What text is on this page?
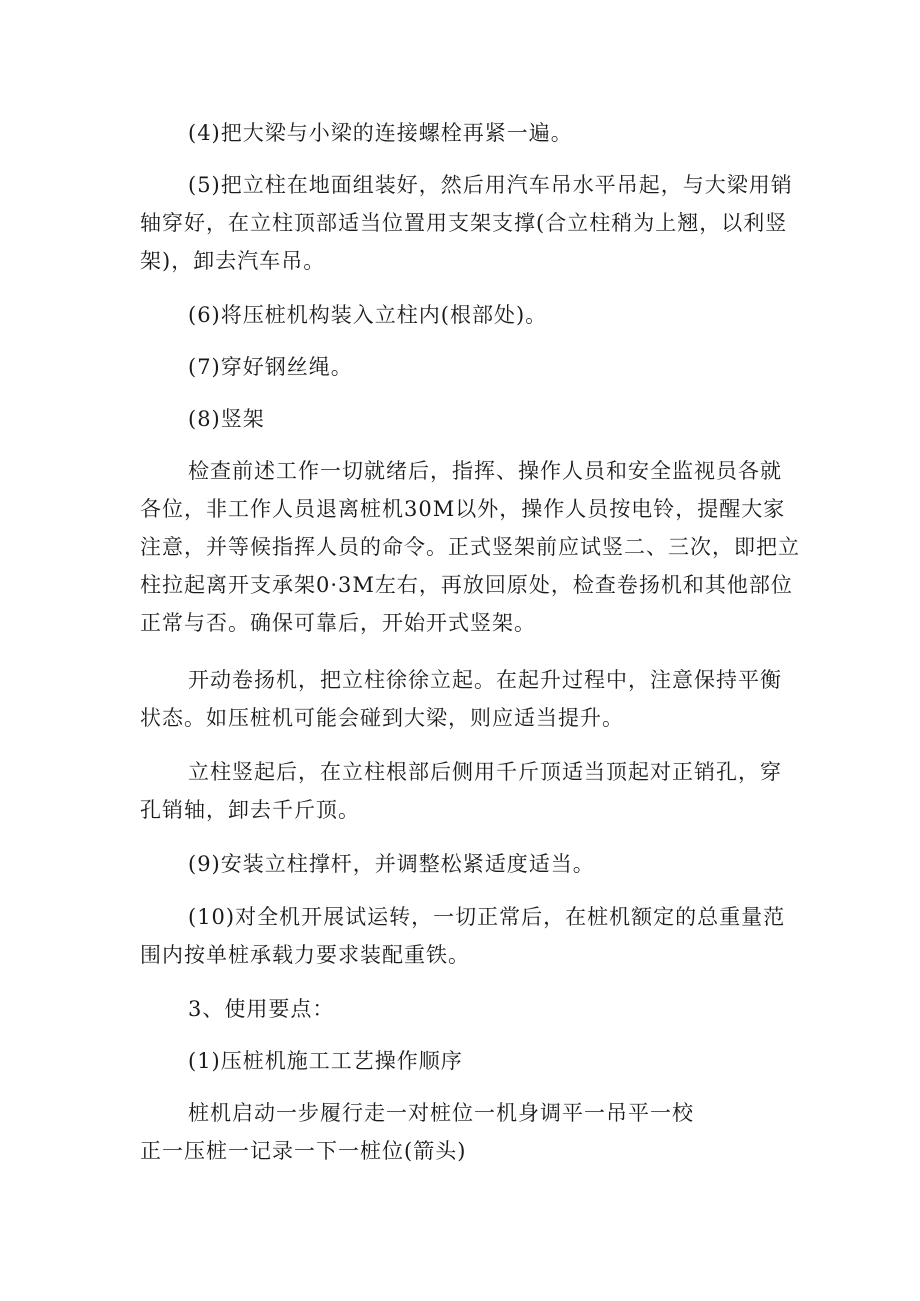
(4)把大梁与小梁的连接螺栓再紧一遍。

(5)把立柱在地面组装好，然后用汽车吊水平吊起，与大梁用销轴穿好，在立柱顶部适当位置用支架支撑(合立柱稍为上翘，以利竖架)，卸去汽车吊。

(6)将压桩机构装入立柱内(根部处)。

(7)穿好钢丝绳。

(8)竖架

检查前述工作一切就绪后，指挥、操作人员和安全监视员各就各位，非工作人员退离桩机30M以外，操作人员按电铃，提醒大家注意，并等候指挥人员的命令。正式竖架前应试竖二、三次，即把立柱拉起离开支承架0·3M左右，再放回原处，检查卷扬机和其他部位正常与否。确保可靠后，开始开式竖架。

开动卷扬机，把立柱徐徐立起。在起升过程中，注意保持平衡状态。如压桩机可能会碰到大梁，则应适当提升。

立柱竖起后，在立柱根部后侧用千斤顶适当顶起对正销孔，穿孔销轴，卸去千斤顶。

(9)安装立柱撑杆，并调整松紧适度适当。

(10)对全机开展试运转，一切正常后，在桩机额定的总重量范围内按单桩承载力要求装配重铁。

3、使用要点：

(1)压桩机施工工艺操作顺序

桩机启动一步履行走一对桩位一机身调平一吊平一校
正一压桩一记录一下一桩位(箭头)
